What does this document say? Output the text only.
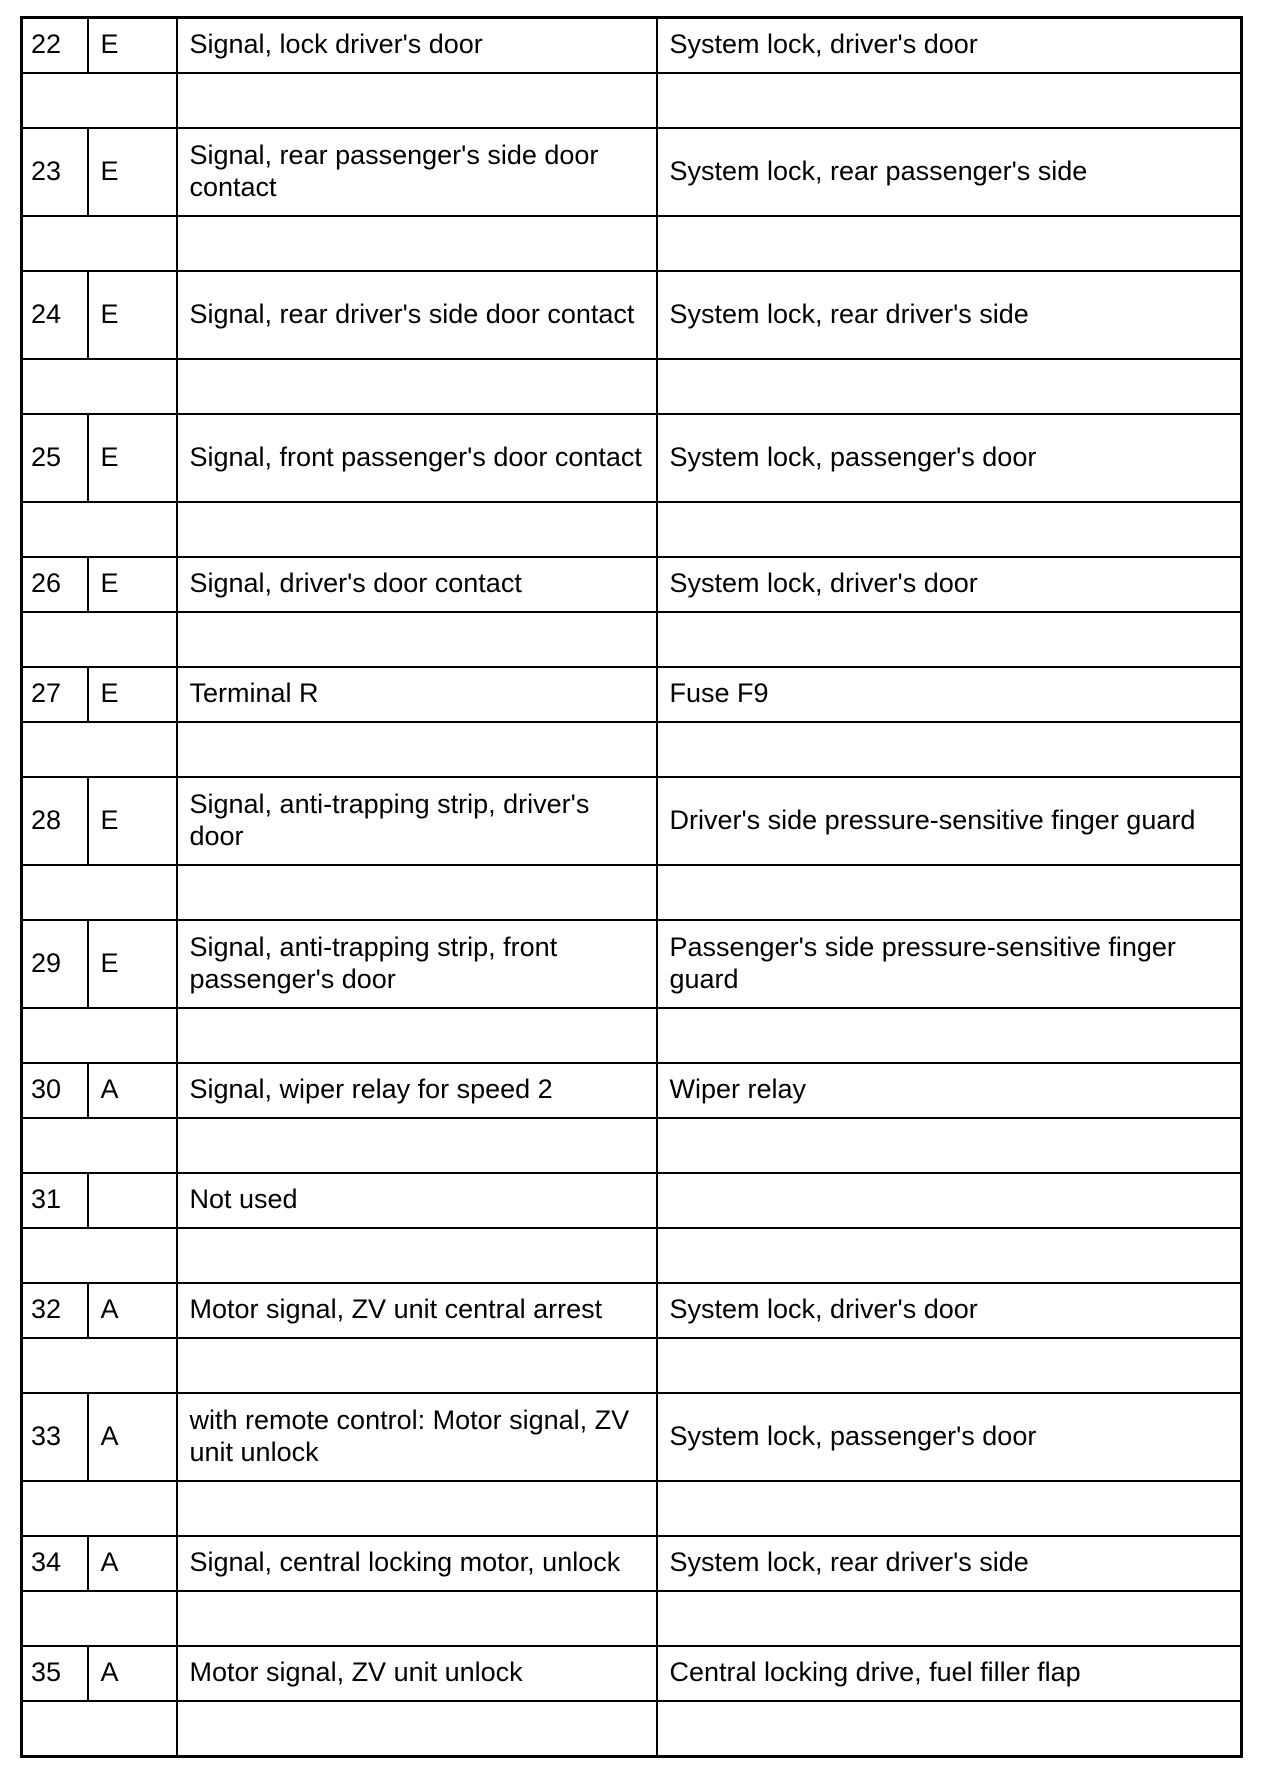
22	E	Signal, lock driver's door	System lock, driver's door

23	E	Signal, rear passenger's side door contact	System lock, rear passenger's side

24	E	Signal, rear driver's side door contact	System lock, rear driver's side

25	E	Signal, front passenger's door contact	System lock, passenger's door

26	E	Signal, driver's door contact	System lock, driver's door

27	E	Terminal R	Fuse F9

28	E	Signal, anti-trapping strip, driver's door	Driver's side pressure-sensitive finger guard

29	E	Signal, anti-trapping strip, front passenger's door	Passenger's side pressure-sensitive finger guard

30	A	Signal, wiper relay for speed 2	Wiper relay

31		Not used	

32	A	Motor signal, ZV unit central arrest	System lock, driver's door

33	A	with remote control: Motor signal, ZV unit unlock	System lock, passenger's door

34	A	Signal, central locking motor, unlock	System lock, rear driver's side

35	A	Motor signal, ZV unit unlock	Central locking drive, fuel filler flap
